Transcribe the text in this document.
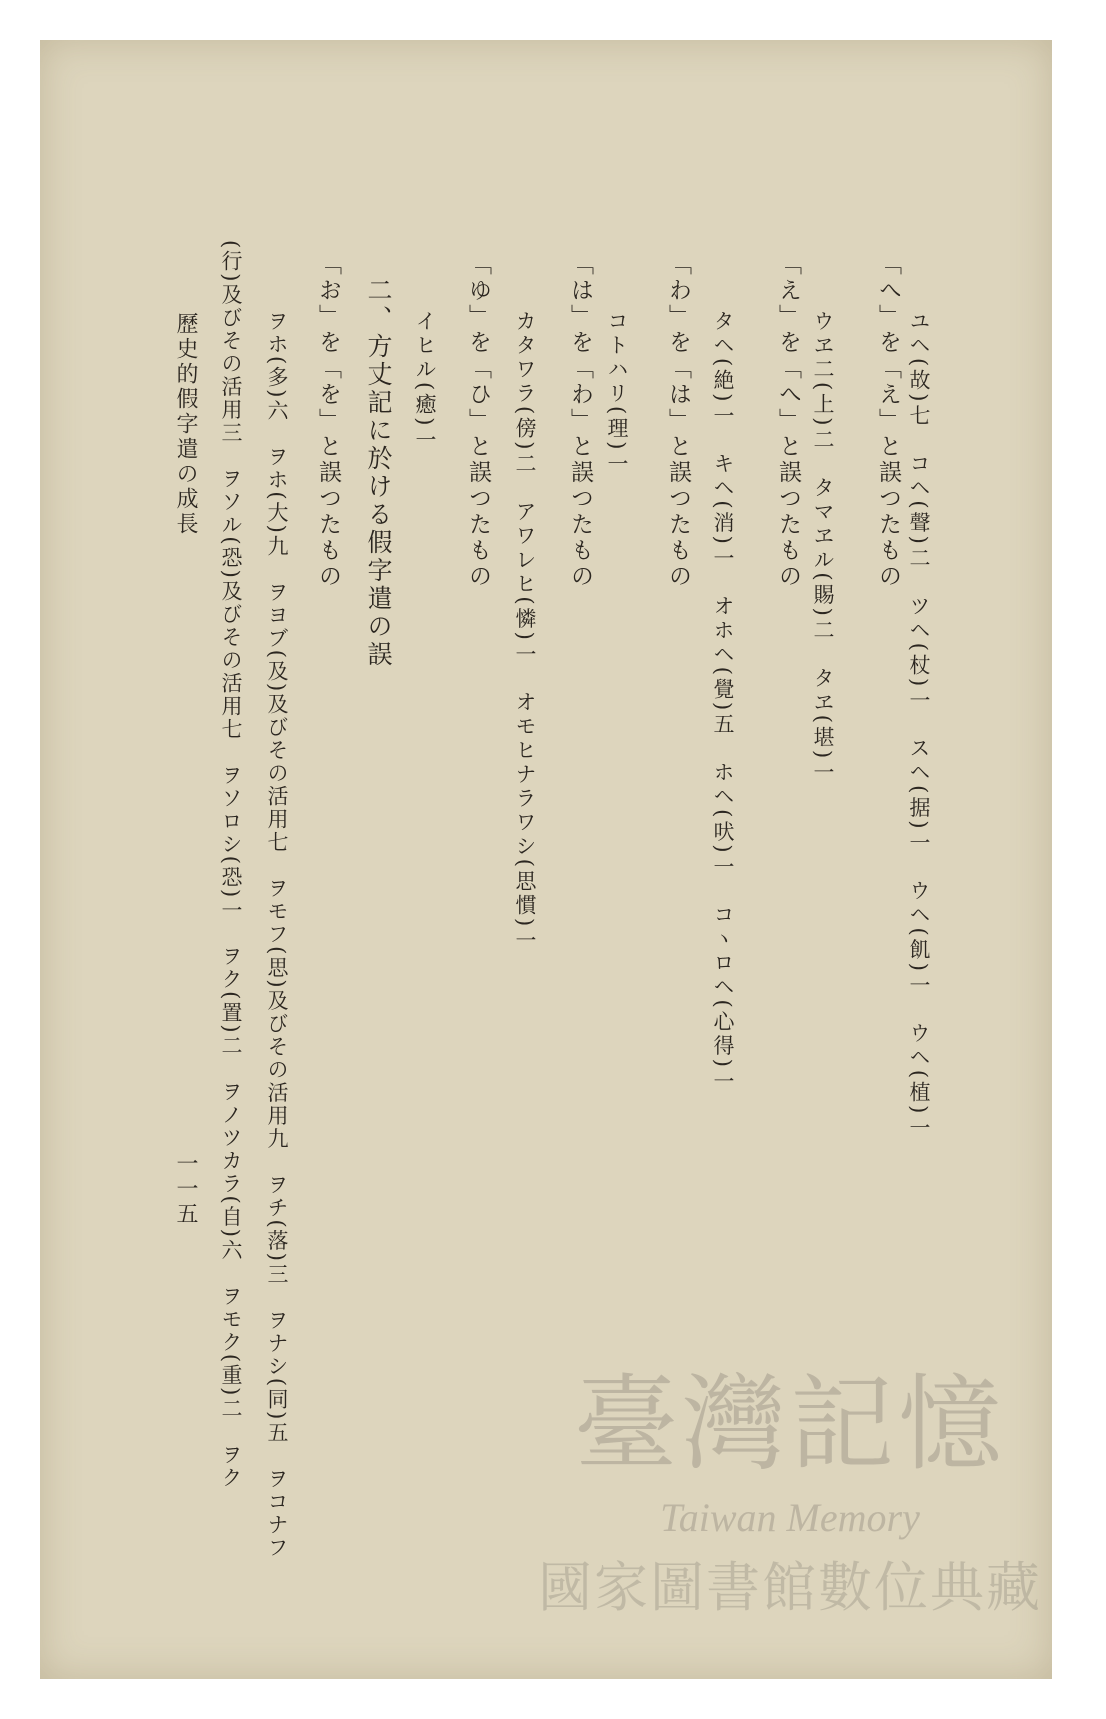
ユヘ(故)七　コヘ(聲)二　ツヘ(杖)一　スヘ(据)一　ウヘ(飢)一　ウヘ(植)一
「へ」を「え」と誤つたもの
ウヱ二(上)二　タマヱル(賜)二　タヱ(堪)一
「え」を「へ」と誤つたもの
タヘ(絶)一　キヘ(消)一　オホヘ(覺)五　ホヘ(吠)一　コヽロヘ(心得)一
「わ」を「は」と誤つたもの
コトハリ(理)一
「は」を「わ」と誤つたもの
カタワラ(傍)二　アワレヒ(憐)一　オモヒナラワシ(思慣)一
「ゆ」を「ひ」と誤つたもの
イヒル(癒)一
二、方丈記に於ける假字遣の誤
「お」を「を」と誤つたもの
ヲホ(多)六　ヲホ(大)九　ヲヨブ(及)及びその活用七　ヲモフ(思)及びその活用九　ヲチ(落)三　ヲナシ(同)五　ヲコナフ
(行)及びその活用三　ヲソル(恐)及びその活用七　ヲソロシ(恐)一　ヲク(置)二　ヲノツカラ(自)六　ヲモク(重)二　ヲク
歷史的假字遣の成長
一一五
臺灣記憶
Taiwan Memory
國家圖書館數位典藏
